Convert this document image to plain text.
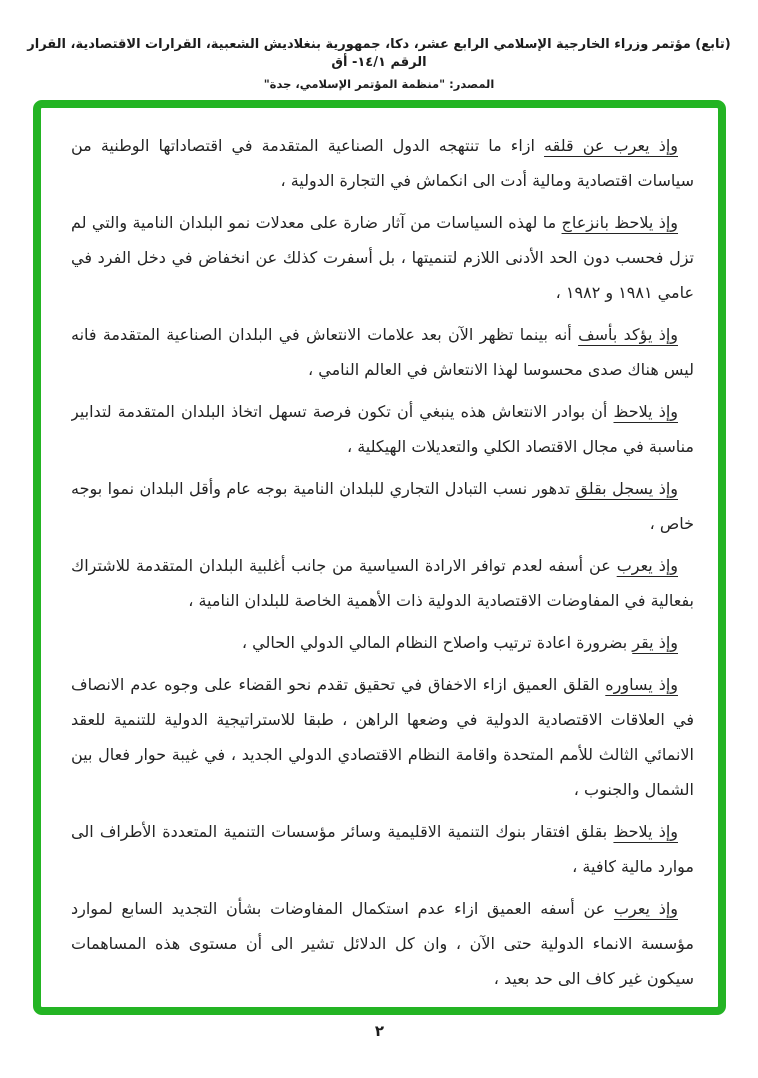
(تابع) مؤتمر وزراء الخارجية الإسلامي الرابع عشر، دكا، جمهورية بنغلاديش الشعبية، القرارات الاقتصادية، القرار الرقم ١٤/١- أق
المصدر: "منظمة المؤتمر الإسلامي، جدة"

وإذ يعرب عن قلقه ازاء ما تنتهجه الدول الصناعية المتقدمة في اقتصاداتها الوطنية من سياسات اقتصادية ومالية أدت الى انكماش في التجارة الدولية ،

وإذ يلاحظ بانزعاج ما لهذه السياسات من آثار ضارة على معدلات نمو البلدان النامية والتي لم تزل فحسب دون الحد الأدنى اللازم لتنميتها ، بل أسفرت كذلك عن انخفاض في دخل الفرد في عامي ١٩٨١ و ١٩٨٢ ،

وإذ يؤكد بأسف أنه بينما تظهر الآن بعد علامات الانتعاش في البلدان الصناعية المتقدمة فانه ليس هناك صدى محسوسا لهذا الانتعاش في العالم النامي ،

وإذ يلاحظ أن بوادر الانتعاش هذه ينبغي أن تكون فرصة تسهل اتخاذ البلدان المتقدمة لتدابير مناسبة في مجال الاقتصاد الكلي والتعديلات الهيكلية ،

وإذ يسجل بقلق تدهور نسب التبادل التجاري للبلدان النامية بوجه عام وأقل البلدان نموا بوجه خاص ،

وإذ يعرب عن أسفه لعدم توافر الارادة السياسية من جانب أغلبية البلدان المتقدمة للاشتراك بفعالية في المفاوضات الاقتصادية الدولية ذات الأهمية الخاصة للبلدان النامية ،

وإذ يقر بضرورة اعادة ترتيب واصلاح النظام المالي الدولي الحالي ،

وإذ يساوره القلق العميق ازاء الاخفاق في تحقيق تقدم نحو القضاء على وجوه عدم الانصاف في العلاقات الاقتصادية الدولية في وضعها الراهن ، طبقا للاستراتيجية الدولية للتنمية للعقد الانمائي الثالث للأمم المتحدة واقامة النظام الاقتصادي الدولي الجديد ، في غيبة حوار فعال بين الشمال والجنوب ،

وإذ يلاحظ بقلق افتقار بنوك التنمية الاقليمية وسائر مؤسسات التنمية المتعددة الأطراف الى موارد مالية كافية ،

وإذ يعرب عن أسفه العميق ازاء عدم استكمال المفاوضات بشأن التجديد السابع لموارد مؤسسة الانماء الدولية حتى الآن ، وان كل الدلائل تشير الى أن مستوى هذه المساهمات سيكون غير كاف الى حد بعيد ،

٢
